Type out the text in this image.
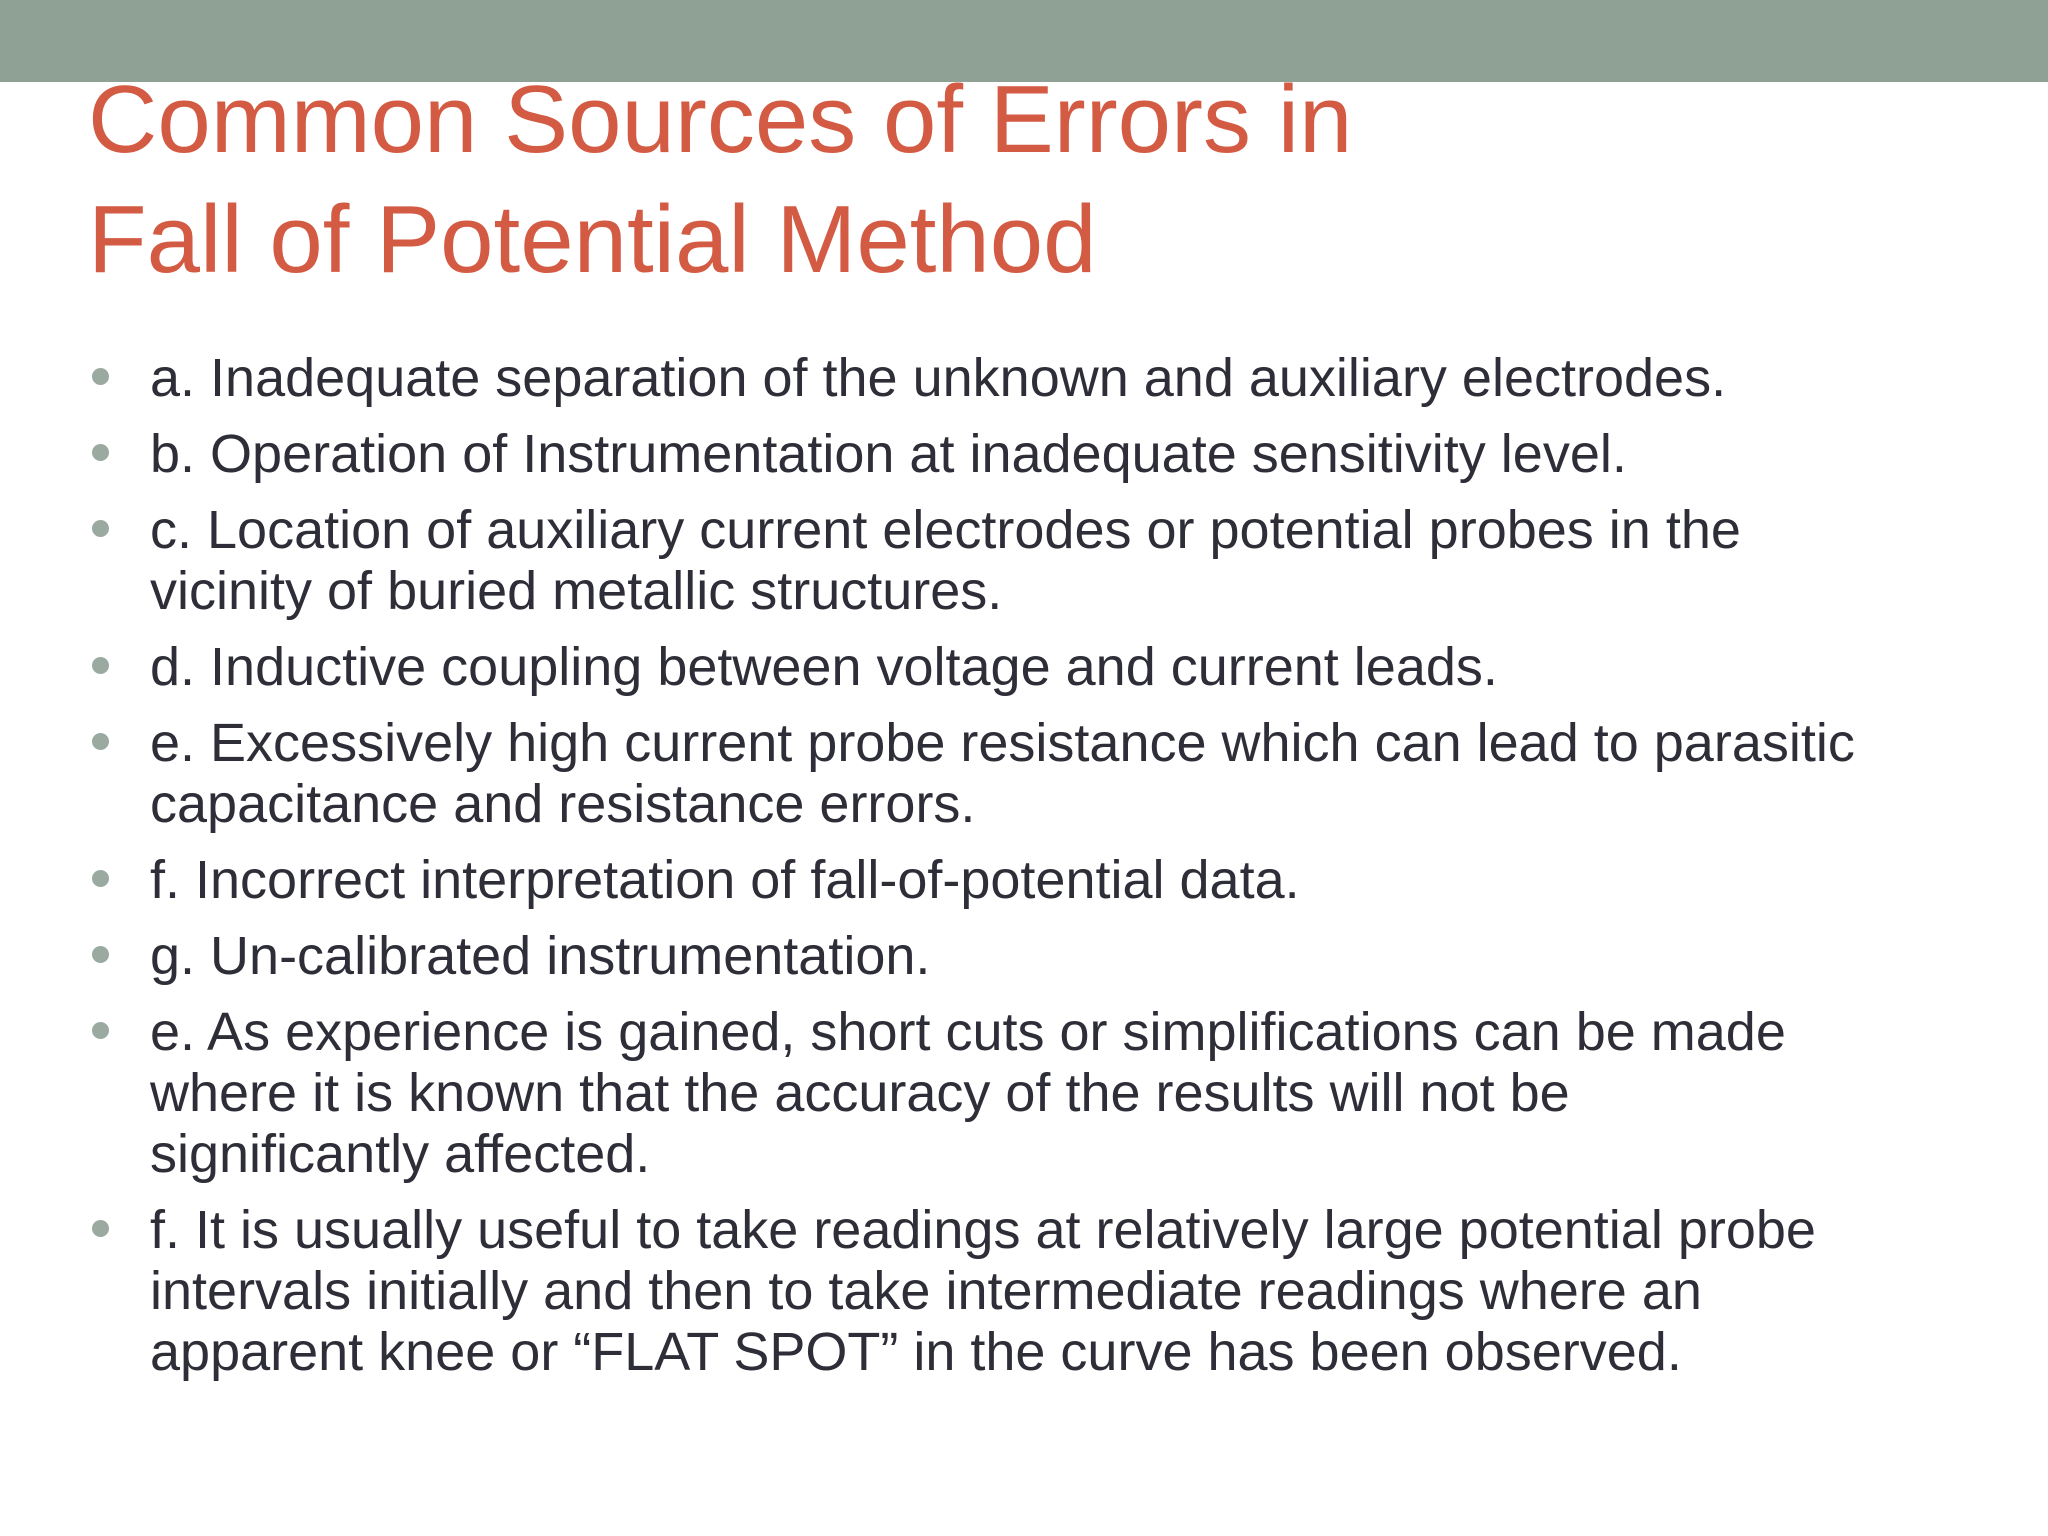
Common Sources of Errors in
Fall of Potential Method
a. Inadequate separation of the unknown and auxiliary electrodes.
b. Operation of Instrumentation at inadequate sensitivity level.
c. Location of auxiliary current electrodes or potential probes in the
vicinity of buried metallic structures.
d. Inductive coupling between voltage and current leads.
e. Excessively high current probe resistance which can lead to parasitic
capacitance and resistance errors.
f. Incorrect interpretation of fall-of-potential data.
g. Un-calibrated instrumentation.
e. As experience is gained, short cuts or simplifications can be made
where it is known that the accuracy of the results will not be
significantly affected.
f. It is usually useful to take readings at relatively large potential probe
intervals initially and then to take intermediate readings where an
apparent knee or “FLAT SPOT” in the curve has been observed.
